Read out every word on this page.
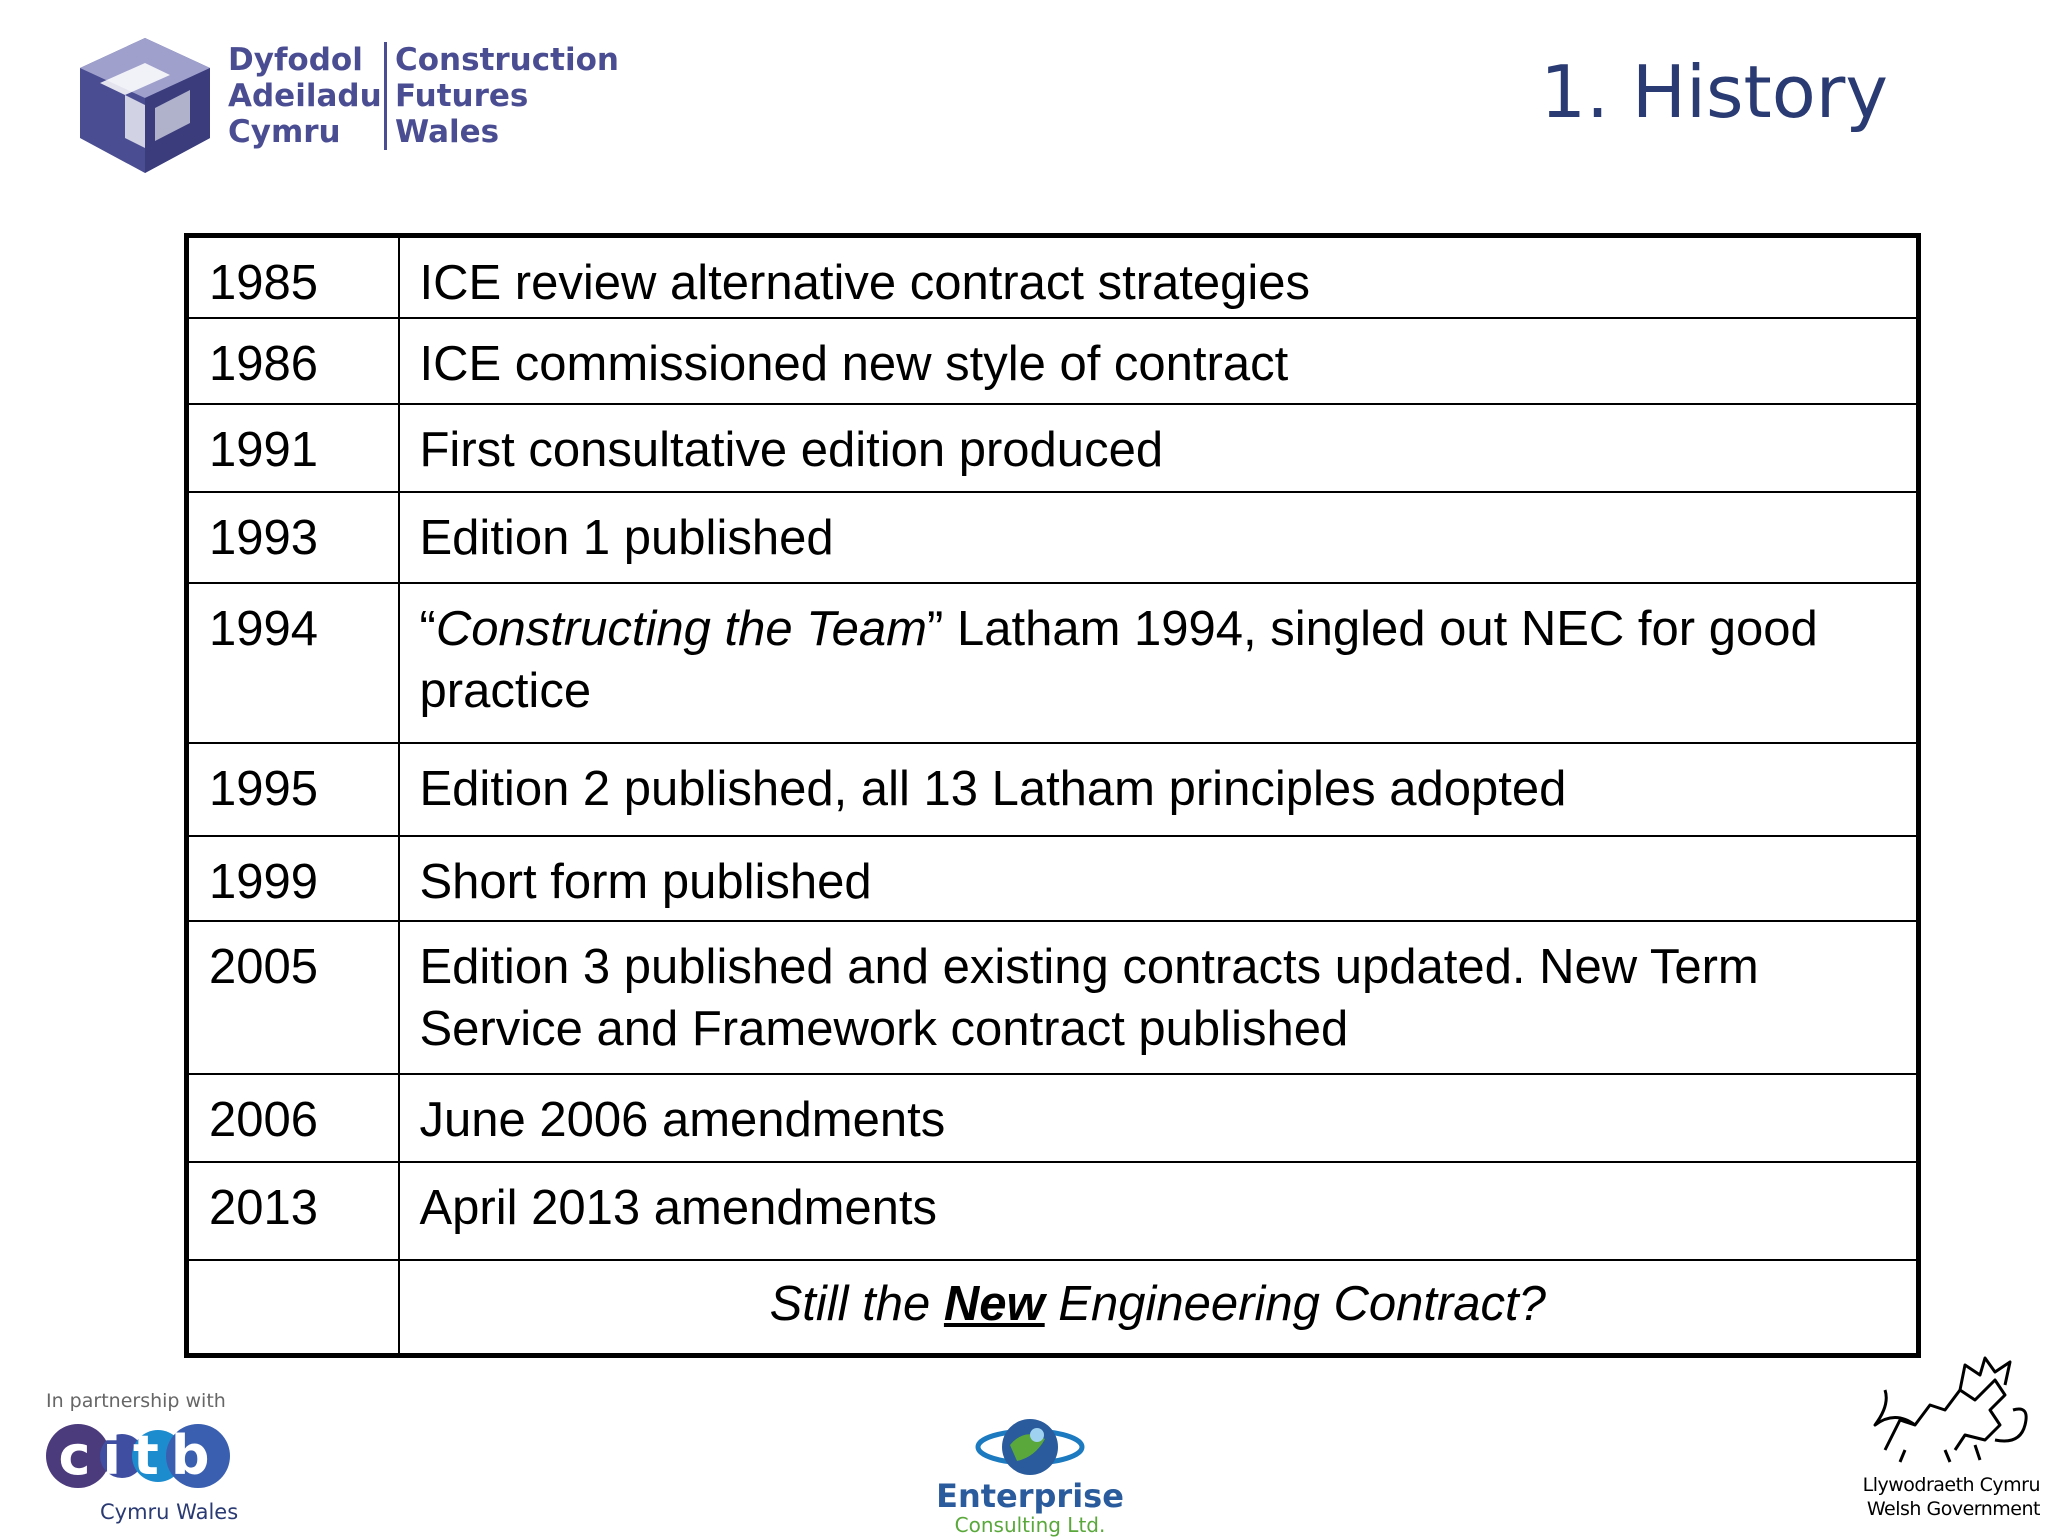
Dyfodol
Adeiladu
Cymru
Construction
Futures
Wales	1. History
1985	ICE review alternative contract strategies
1986	ICE commissioned new style of contract
1991	First consultative edition produced
1993	Edition 1 published
1994	“Constructing the Team” Latham 1994, singled out NEC for good practice
1995	Edition 2 published, all 13 Latham principles adopted
1999	Short form published
2005	Edition 3 published and existing contracts updated. New Term Service and Framework contract published
2006	June 2006 amendments
2013	April 2013 amendments
	Still the New Engineering Contract?
In partnership with
citb
Cymru Wales	Enterprise
Consulting Ltd.
Llywodraeth Cymru
Welsh Government
